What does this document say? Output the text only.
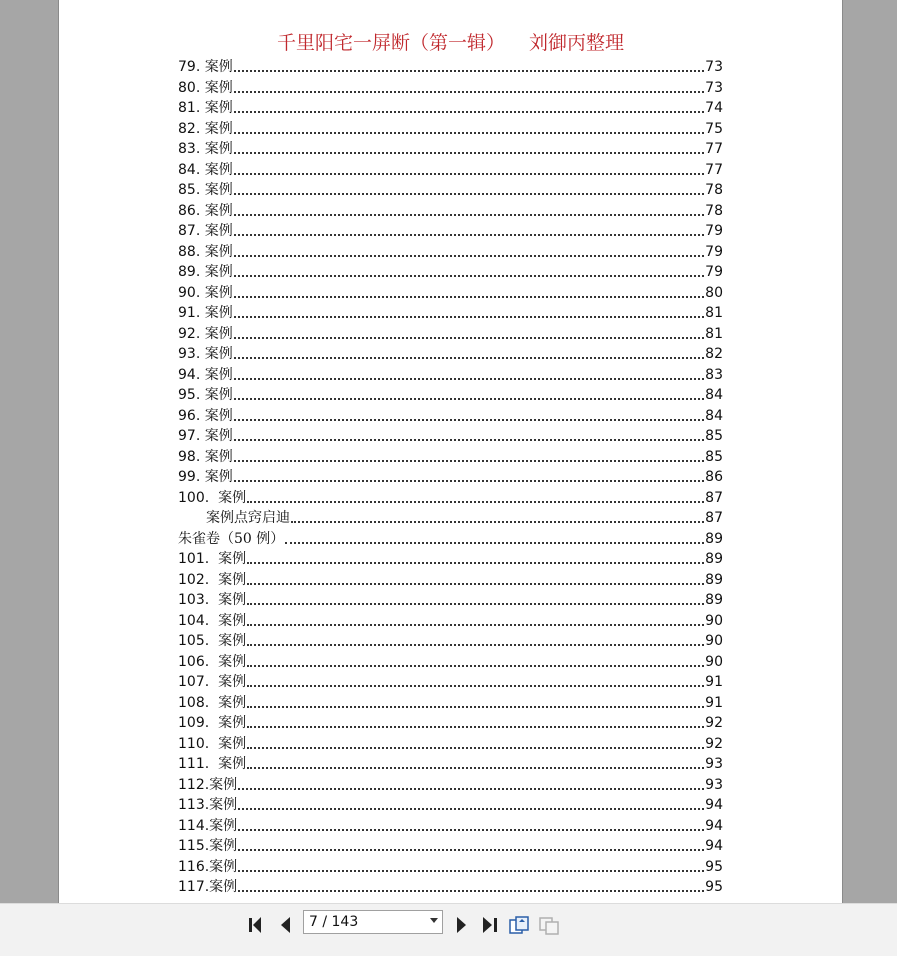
千里阳宅一屏断（第一辑） 刘御丙整理
79. 案例	73
80. 案例	73
81. 案例	74
82. 案例	75
83. 案例	77
84. 案例	77
85. 案例	78
86. 案例	78
87. 案例	79
88. 案例	79
89. 案例	79
90. 案例	80
91. 案例	81
92. 案例	81
93. 案例	82
94. 案例	83
95. 案例	84
96. 案例	84
97. 案例	85
98. 案例	85
99. 案例	86
100. 案例	87
案例点窍启迪	87
朱雀卷（50 例）	89
101. 案例	89
102. 案例	89
103. 案例	89
104. 案例	90
105. 案例	90
106. 案例	90
107. 案例	91
108. 案例	91
109. 案例	92
110. 案例	92
111. 案例	93
112. 案例	93
113. 案例	94
114. 案例	94
115. 案例	94
116. 案例	95
117. 案例	95
7 / 143
